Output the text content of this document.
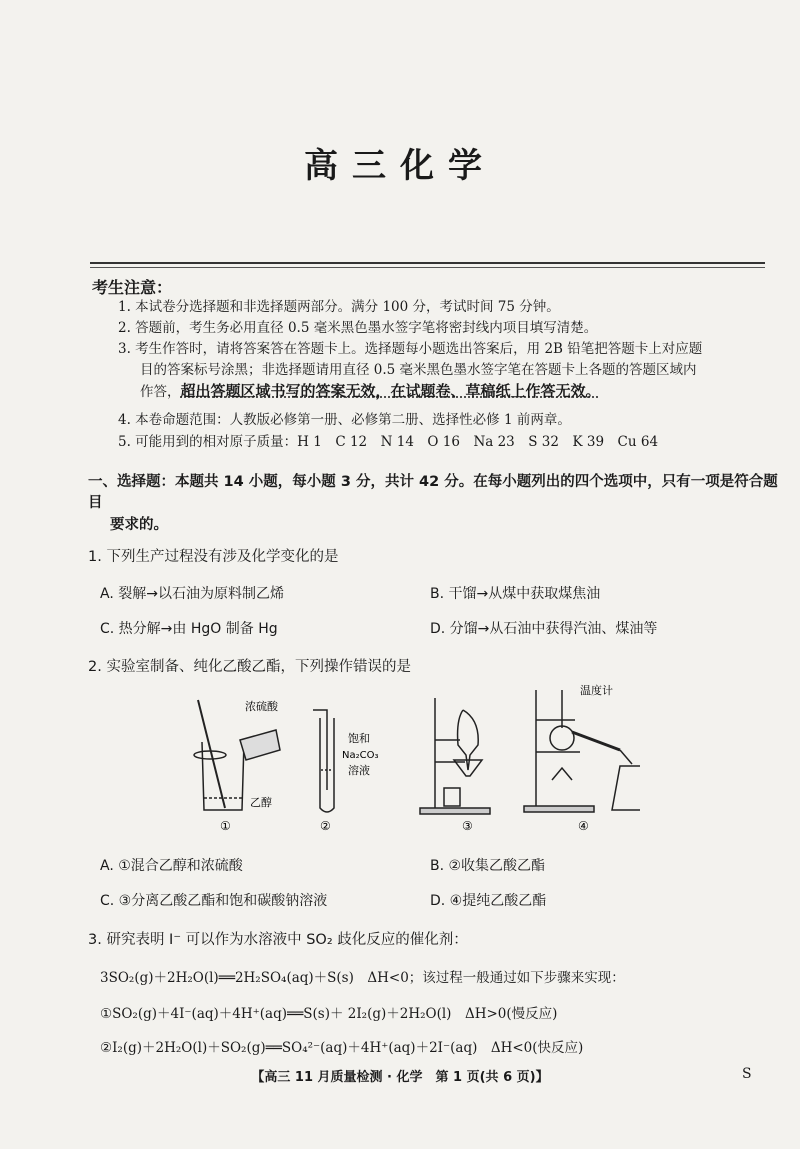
高三化学
考生注意：
1. 本试卷分选择题和非选择题两部分。满分 100 分，考试时间 75 分钟。
2. 答题前，考生务必用直径 0.5 毫米黑色墨水签字笔将密封线内项目填写清楚。
3. 考生作答时，请将答案答在答题卡上。选择题每小题选出答案后，用 2B 铅笔把答题卡上对应题
目的答案标号涂黑；非选择题请用直径 0.5 毫米黑色墨水签字笔在答题卡上各题的答题区域内
作答，超出答题区域书写的答案无效，在试题卷、草稿纸上作答无效。
4. 本卷命题范围：人教版必修第一册、必修第二册、选择性必修 1 前两章。
5. 可能用到的相对原子质量：H 1　C 12　N 14　O 16　Na 23　S 32　K 39　Cu 64
一、选择题：本题共 14 小题，每小题 3 分，共计 42 分。在每小题列出的四个选项中，只有一项是符合题目
要求的。
1. 下列生产过程没有涉及化学变化的是
A. 裂解→以石油为原料制乙烯	B. 干馏→从煤中获取煤焦油
C. 热分解→由 HgO 制备 Hg	D. 分馏→从石油中获得汽油、煤油等
2. 实验室制备、纯化乙酸乙酯，下列操作错误的是
浓硫酸
乙醇
①
饱和
Na₂CO₃
溶液
②	③
温度计
④
A. ①混合乙醇和浓硫酸	B. ②收集乙酸乙酯
C. ③分离乙酸乙酯和饱和碳酸钠溶液	D. ④提纯乙酸乙酯
3. 研究表明 I⁻ 可以作为水溶液中 SO₂ 歧化反应的催化剂：
3SO₂(g)＋2H₂O(l)══2H₂SO₄(aq)＋S(s)　ΔH<0；该过程一般通过如下步骤来实现：
①SO₂(g)＋4I⁻(aq)＋4H⁺(aq)══S(s)＋ 2I₂(g)＋2H₂O(l)　ΔH>0(慢反应)
②I₂(g)＋2H₂O(l)＋SO₂(g)══SO₄²⁻(aq)＋4H⁺(aq)＋2I⁻(aq)　ΔH<0(快反应)
【高三 11 月质量检测 · 化学　第 1 页(共 6 页)】	S
